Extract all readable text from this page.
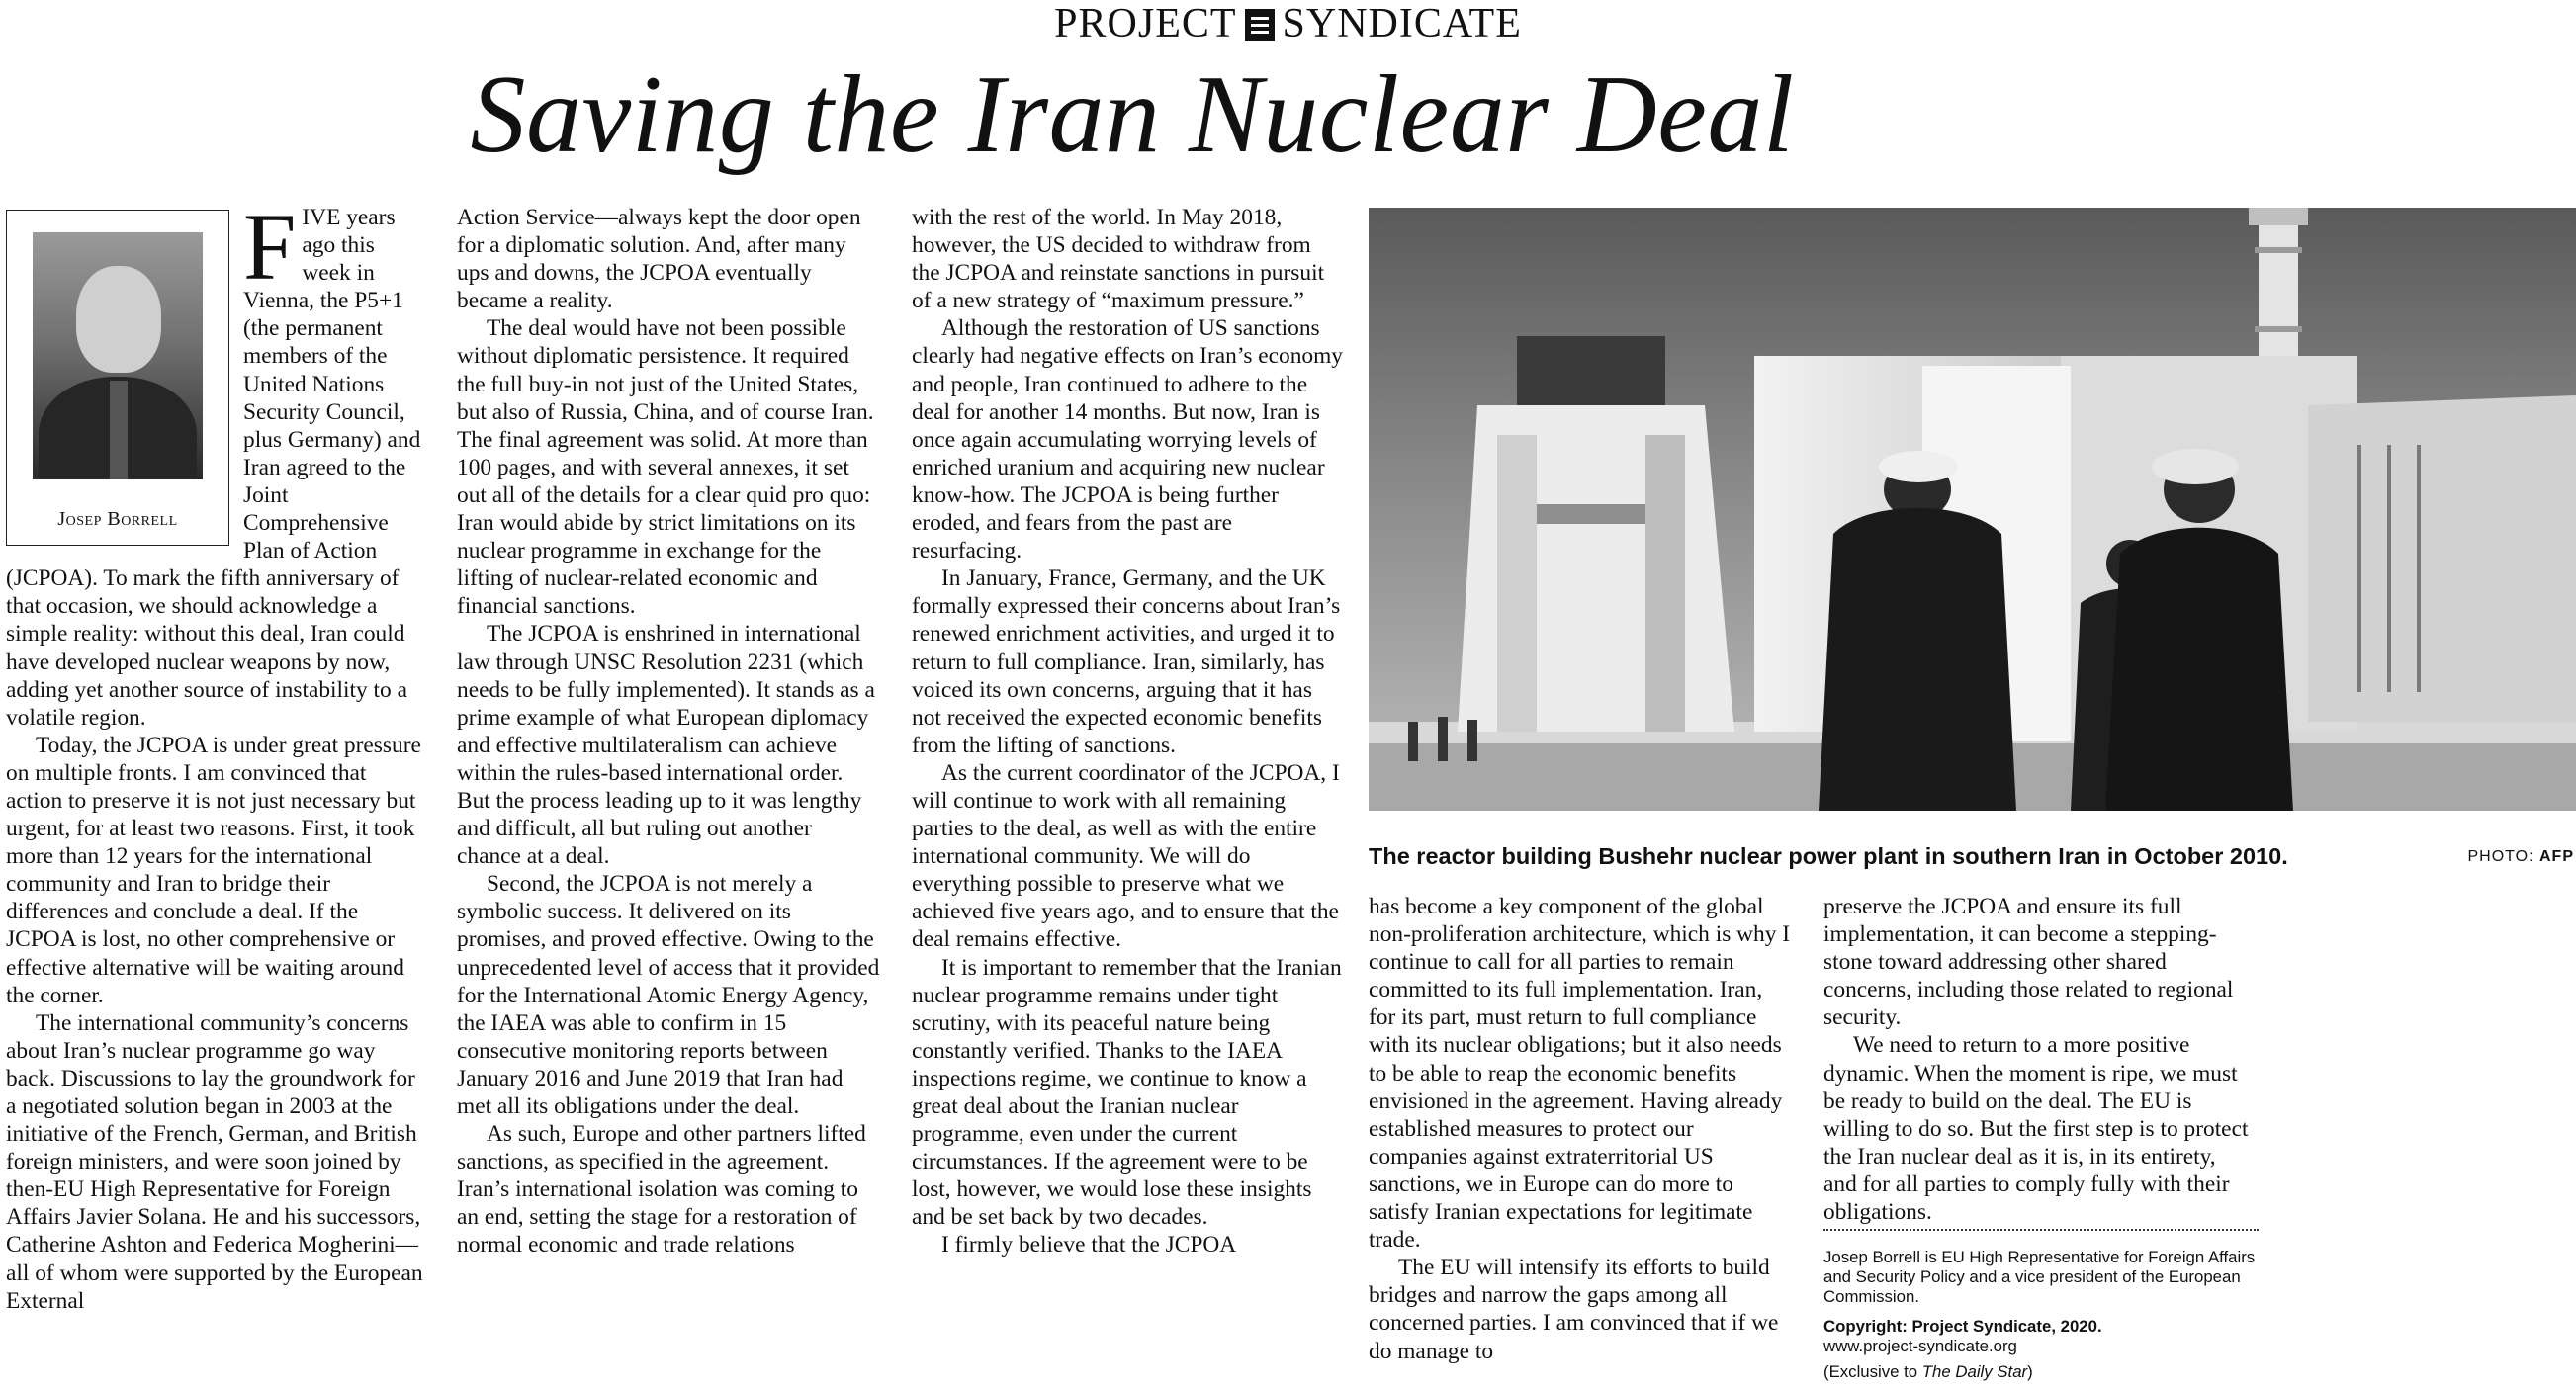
PROJECT SYNDICATE
Saving the Iran Nuclear Deal
Josep Borrell

FIVE years ago this week in Vienna, the P5+1 (the permanent members of the United Nations Security Council, plus Germany) and Iran agreed to the Joint Comprehensive Plan of Action (JCPOA). To mark the fifth anniversary of that occasion, we should acknowledge a simple reality: without this deal, Iran could have developed nuclear weapons by now, adding yet another source of instability to a volatile region.

Today, the JCPOA is under great pressure on multiple fronts. I am convinced that action to preserve it is not just necessary but urgent, for at least two reasons. First, it took more than 12 years for the international community and Iran to bridge their differences and conclude a deal. If the JCPOA is lost, no other comprehensive or effective alternative will be waiting around the corner.

The international community’s concerns about Iran’s nuclear programme go way back. Discussions to lay the groundwork for a negotiated solution began in 2003 at the initiative of the French, German, and British foreign ministers, and were soon joined by then-EU High Representative for Foreign Affairs Javier Solana. He and his successors, Catherine Ashton and Federica Mogherini—all of whom were supported by the European External

Action Service—always kept the door open for a diplomatic solution. And, after many ups and downs, the JCPOA eventually became a reality.

The deal would have not been possible without diplomatic persistence. It required the full buy-in not just of the United States, but also of Russia, China, and of course Iran. The final agreement was solid. At more than 100 pages, and with several annexes, it set out all of the details for a clear quid pro quo: Iran would abide by strict limitations on its nuclear programme in exchange for the lifting of nuclear-related economic and financial sanctions.

The JCPOA is enshrined in international law through UNSC Resolution 2231 (which needs to be fully implemented). It stands as a prime example of what European diplomacy and effective multilateralism can achieve within the rules-based international order. But the process leading up to it was lengthy and difficult, all but ruling out another chance at a deal.

Second, the JCPOA is not merely a symbolic success. It delivered on its promises, and proved effective. Owing to the unprecedented level of access that it provided for the International Atomic Energy Agency, the IAEA was able to confirm in 15 consecutive monitoring reports between January 2016 and June 2019 that Iran had met all its obligations under the deal.

As such, Europe and other partners lifted sanctions, as specified in the agreement. Iran’s international isolation was coming to an end, setting the stage for a restoration of normal economic and trade relations

with the rest of the world. In May 2018, however, the US decided to withdraw from the JCPOA and reinstate sanctions in pursuit of a new strategy of “maximum pressure.”

Although the restoration of US sanctions clearly had negative effects on Iran’s economy and people, Iran continued to adhere to the deal for another 14 months. But now, Iran is once again accumulating worrying levels of enriched uranium and acquiring new nuclear know-how. The JCPOA is being further eroded, and fears from the past are resurfacing.

In January, France, Germany, and the UK formally expressed their concerns about Iran’s renewed enrichment activities, and urged it to return to full compliance. Iran, similarly, has voiced its own concerns, arguing that it has not received the expected economic benefits from the lifting of sanctions.

As the current coordinator of the JCPOA, I will continue to work with all remaining parties to the deal, as well as with the entire international community. We will do everything possible to preserve what we achieved five years ago, and to ensure that the deal remains effective.

It is important to remember that the Iranian nuclear programme remains under tight scrutiny, with its peaceful nature being constantly verified. Thanks to the IAEA inspections regime, we continue to know a great deal about the Iranian nuclear programme, even under the current circumstances. If the agreement were to be lost, however, we would lose these insights and be set back by two decades.

I firmly believe that the JCPOA

The reactor building Bushehr nuclear power plant in southern Iran in October 2010.	PHOTO: AFP

has become a key component of the global non-proliferation architecture, which is why I continue to call for all parties to remain committed to its full implementation. Iran, for its part, must return to full compliance with its nuclear obligations; but it also needs to be able to reap the economic benefits envisioned in the agreement. Having already established measures to protect our companies against extraterritorial US sanctions, we in Europe can do more to satisfy Iranian expectations for legitimate trade.

The EU will intensify its efforts to build bridges and narrow the gaps among all concerned parties. I am convinced that if we do manage to

preserve the JCPOA and ensure its full implementation, it can become a stepping-stone toward addressing other shared concerns, including those related to regional security.

We need to return to a more positive dynamic. When the moment is ripe, we must be ready to build on the deal. The EU is willing to do so. But the first step is to protect the Iran nuclear deal as it is, in its entirety, and for all parties to comply fully with their obligations.

Josep Borrell is EU High Representative for Foreign Affairs and Security Policy and a vice president of the European Commission.

Copyright: Project Syndicate, 2020.

www.project-syndicate.org

(Exclusive to The Daily Star)
